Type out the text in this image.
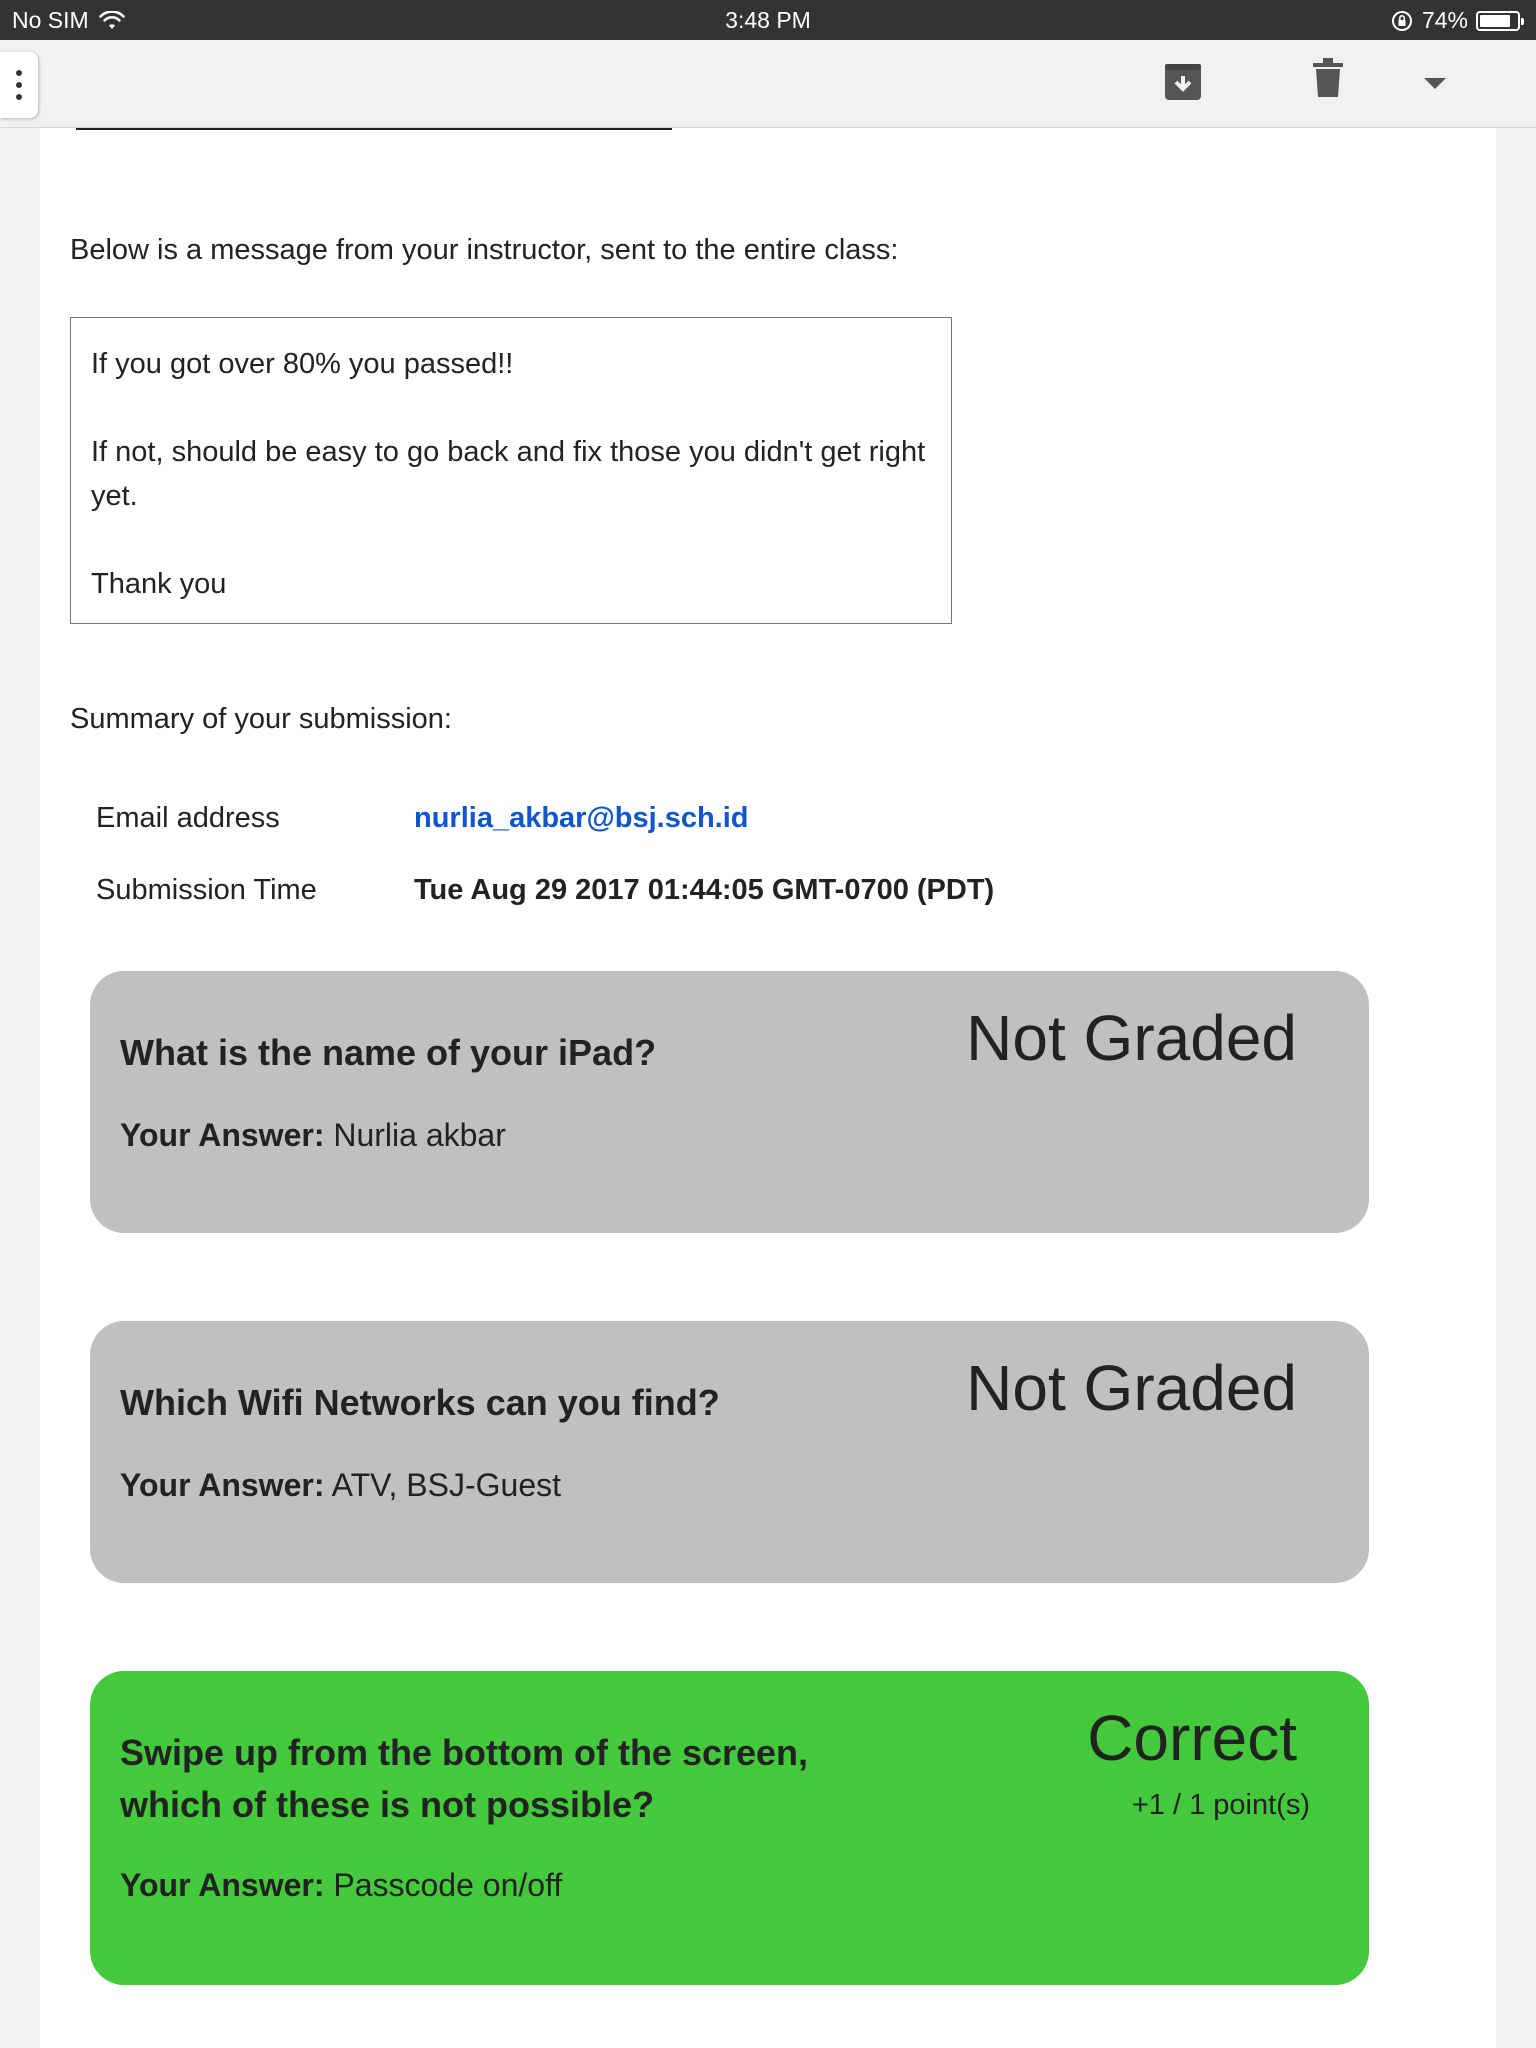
No SIM	3:48 PM	74%
Below is a message from your instructor, sent to the entire class:

If you got over 80% you passed!!

If not, should be easy to go back and fix those you didn't get right yet.

Thank you

Summary of your submission:
Email address	nurlia_akbar@bsj.sch.id
Submission Time	Tue Aug 29 2017 01:44:05 GMT-0700 (PDT)
What is the name of your iPad?	Not Graded
Your Answer: Nurlia akbar
Which Wifi Networks can you find?	Not Graded
Your Answer: ATV, BSJ-Guest
Swipe up from the bottom of the screen, which of these is not possible?
Correct
+1 / 1 point(s)
Your Answer: Passcode on/off
